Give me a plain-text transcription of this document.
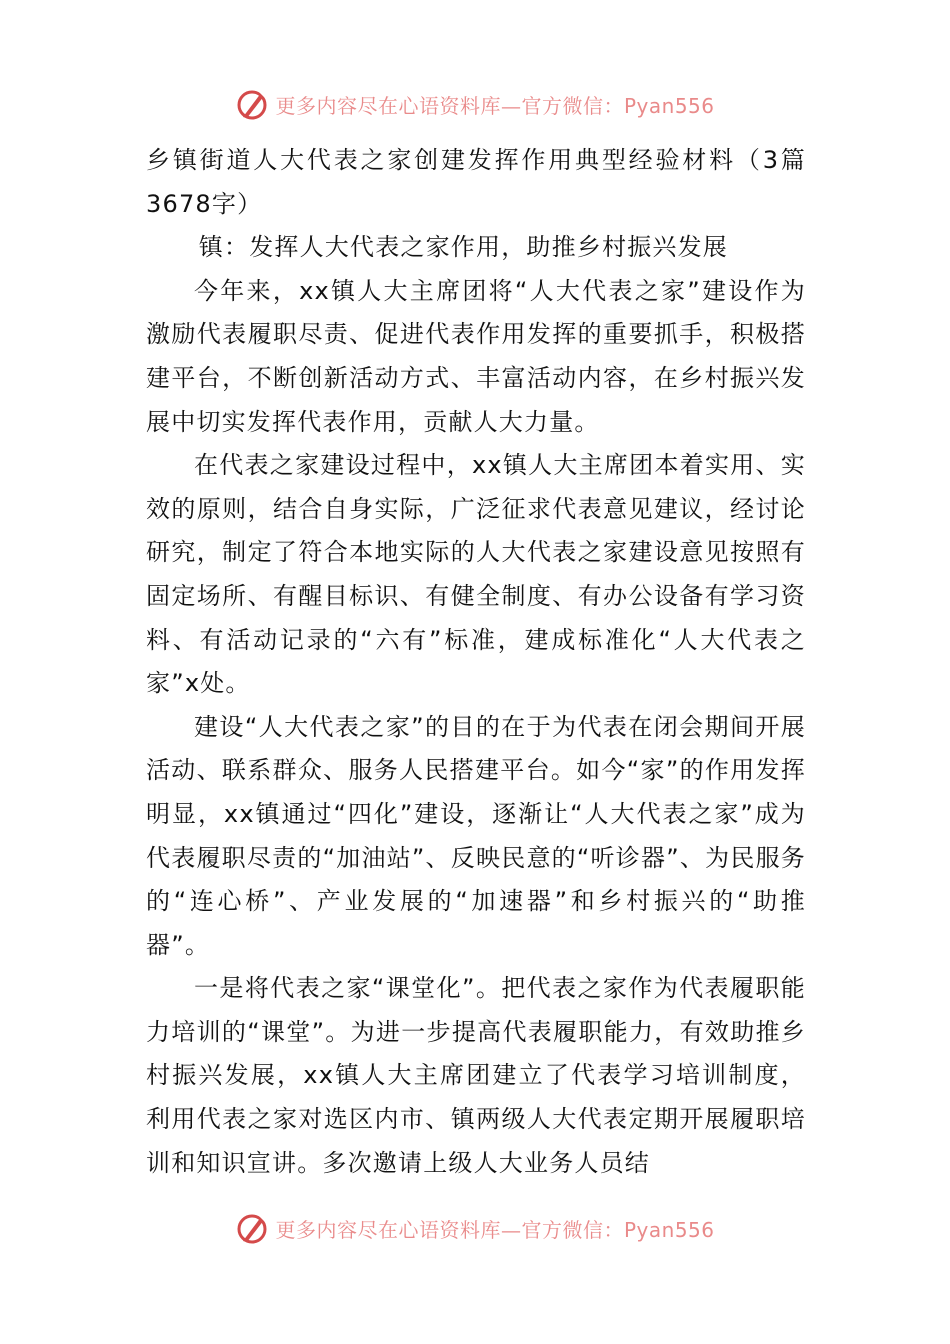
更多内容尽在心语资料库—官方微信：Pyan556

乡镇街道人大代表之家创建发挥作用典型经验材料（3篇3678字）

镇：发挥人大代表之家作用，助推乡村振兴发展

今年来，xx镇人大主席团将“人大代表之家”建设作为激励代表履职尽责、促进代表作用发挥的重要抓手，积极搭建平台，不断创新活动方式、丰富活动内容，在乡村振兴发展中切实发挥代表作用，贡献人大力量。

在代表之家建设过程中，xx镇人大主席团本着实用、实效的原则，结合自身实际，广泛征求代表意见建议，经讨论研究，制定了符合本地实际的人大代表之家建设意见按照有固定场所、有醒目标识、有健全制度、有办公设备有学习资料、有活动记录的“六有”标准，建成标准化“人大代表之家”x处。

建设“人大代表之家”的目的在于为代表在闭会期间开展活动、联系群众、服务人民搭建平台。如今“家”的作用发挥明显，xx镇通过“四化”建设，逐渐让“人大代表之家”成为代表履职尽责的“加油站”、反映民意的“听诊器”、为民服务的“连心桥”、产业发展的“加速器”和乡村振兴的“助推器”。

一是将代表之家“课堂化”。把代表之家作为代表履职能力培训的“课堂”。为进一步提高代表履职能力，有效助推乡村振兴发展，xx镇人大主席团建立了代表学习培训制度，利用代表之家对选区内市、镇两级人大代表定期开展履职培训和知识宣讲。多次邀请上级人大业务人员结

更多内容尽在心语资料库—官方微信：Pyan556
